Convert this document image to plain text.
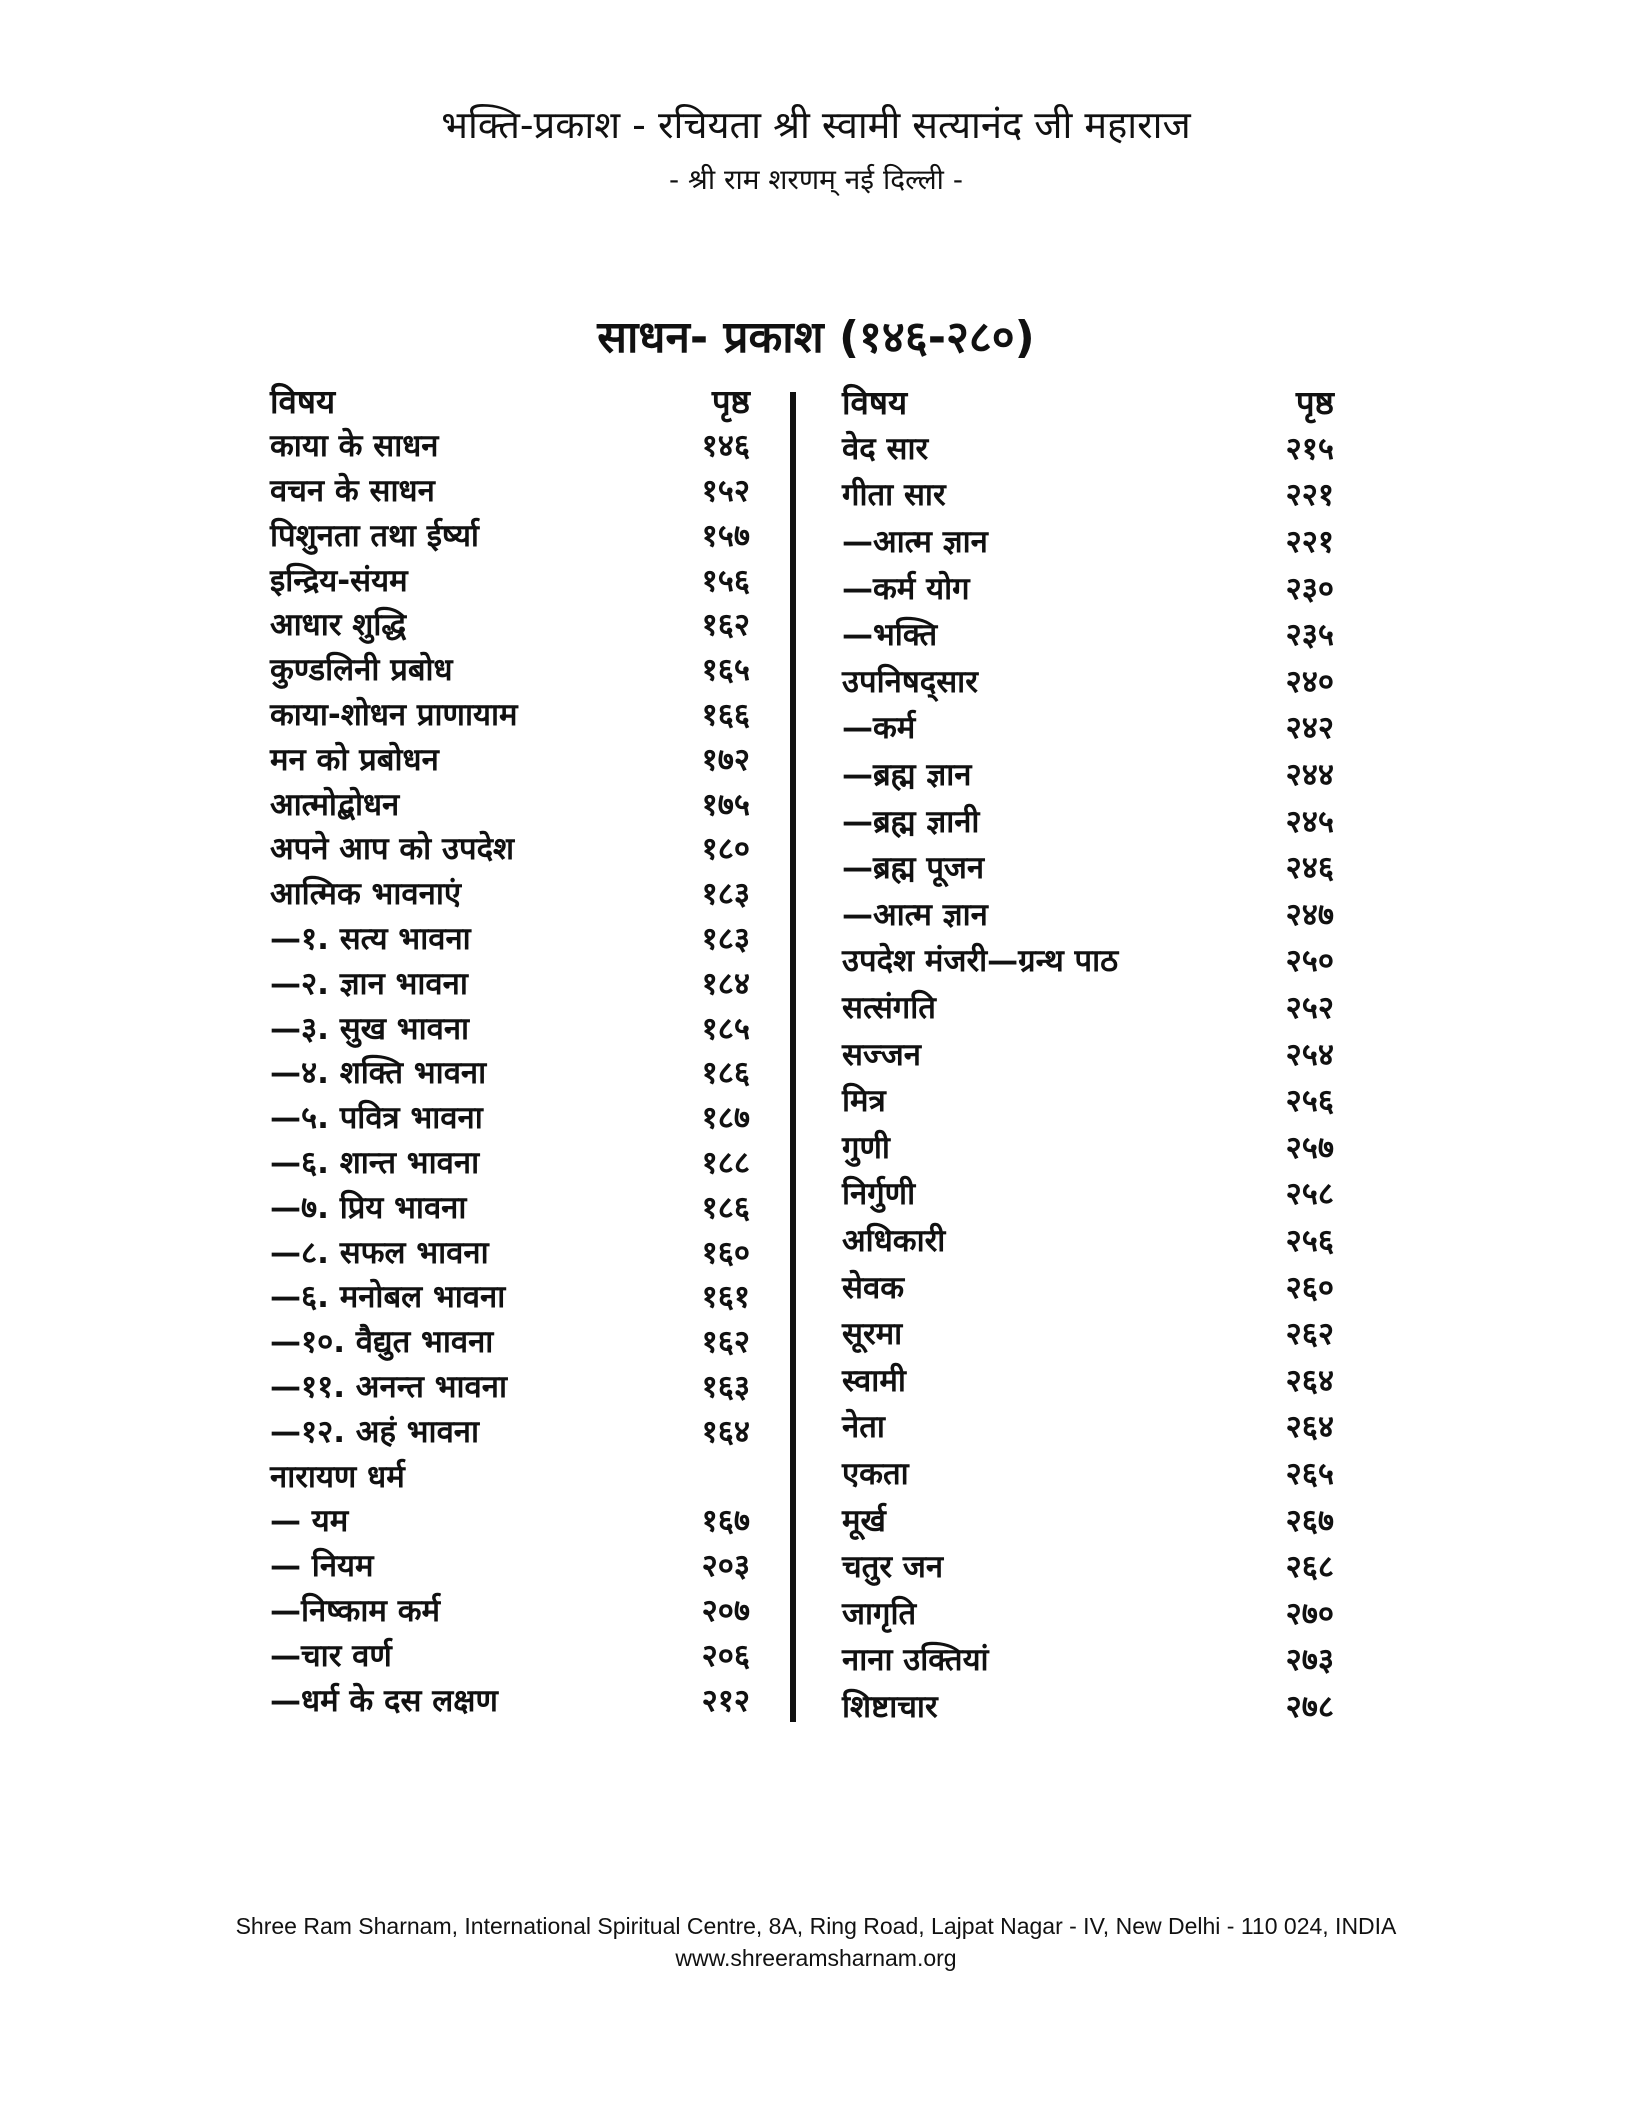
भक्ति-प्रकाश - रचियता श्री स्वामी सत्यानंद जी महाराज
- श्री राम शरणम् नई दिल्ली -
साधन- प्रकाश (१४६-२८०)
विषय	पृष्ठ
काया के साधन	१४६
वचन के साधन	१५२
पिशुनता तथा ईर्ष्या	१५७
इन्द्रिय-संयम	१५६
आधार शुद्धि	१६२
कुण्डलिनी प्रबोध	१६५
काया-शोधन प्राणायाम	१६६
मन को प्रबोधन	१७२
आत्मोद्बोधन	१७५
अपने आप को उपदेश	१८०
आत्मिक भावनाएं	१८३
—१. सत्य भावना	१८३
—२. ज्ञान भावना	१८४
—३. सुख भावना	१८५
—४. शक्ति भावना	१८६
—५. पवित्र भावना	१८७
—६. शान्त भावना	१८८
—७. प्रिय भावना	१८६
—८. सफल भावना	१६०
—६. मनोबल भावना	१६१
—१०. वैद्युत भावना	१६२
—११. अनन्त भावना	१६३
—१२. अहं भावना	१६४
नारायण धर्म
— यम	१६७
— नियम	२०३
—निष्काम कर्म	२०७
—चार वर्ण	२०६
—धर्म के दस लक्षण	२१२
विषय	पृष्ठ
वेद सार	२१५
गीता सार	२२१
—आत्म ज्ञान	२२१
—कर्म योग	२३०
—भक्ति	२३५
उपनिषद्सार	२४०
—कर्म	२४२
—ब्रह्म ज्ञान	२४४
—ब्रह्म ज्ञानी	२४५
—ब्रह्म पूजन	२४६
—आत्म ज्ञान	२४७
उपदेश मंजरी—ग्रन्थ पाठ	२५०
सत्संगति	२५२
सज्जन	२५४
मित्र	२५६
गुणी	२५७
निर्गुणी	२५८
अधिकारी	२५६
सेवक	२६०
सूरमा	२६२
स्वामी	२६४
नेता	२६४
एकता	२६५
मूर्ख	२६७
चतुर जन	२६८
जागृति	२७०
नाना उक्तियां	२७३
शिष्टाचार	२७८
Shree Ram Sharnam, International Spiritual Centre, 8A, Ring Road, Lajpat Nagar - IV, New Delhi - 110 024, INDIA
www.shreeramsharnam.org
